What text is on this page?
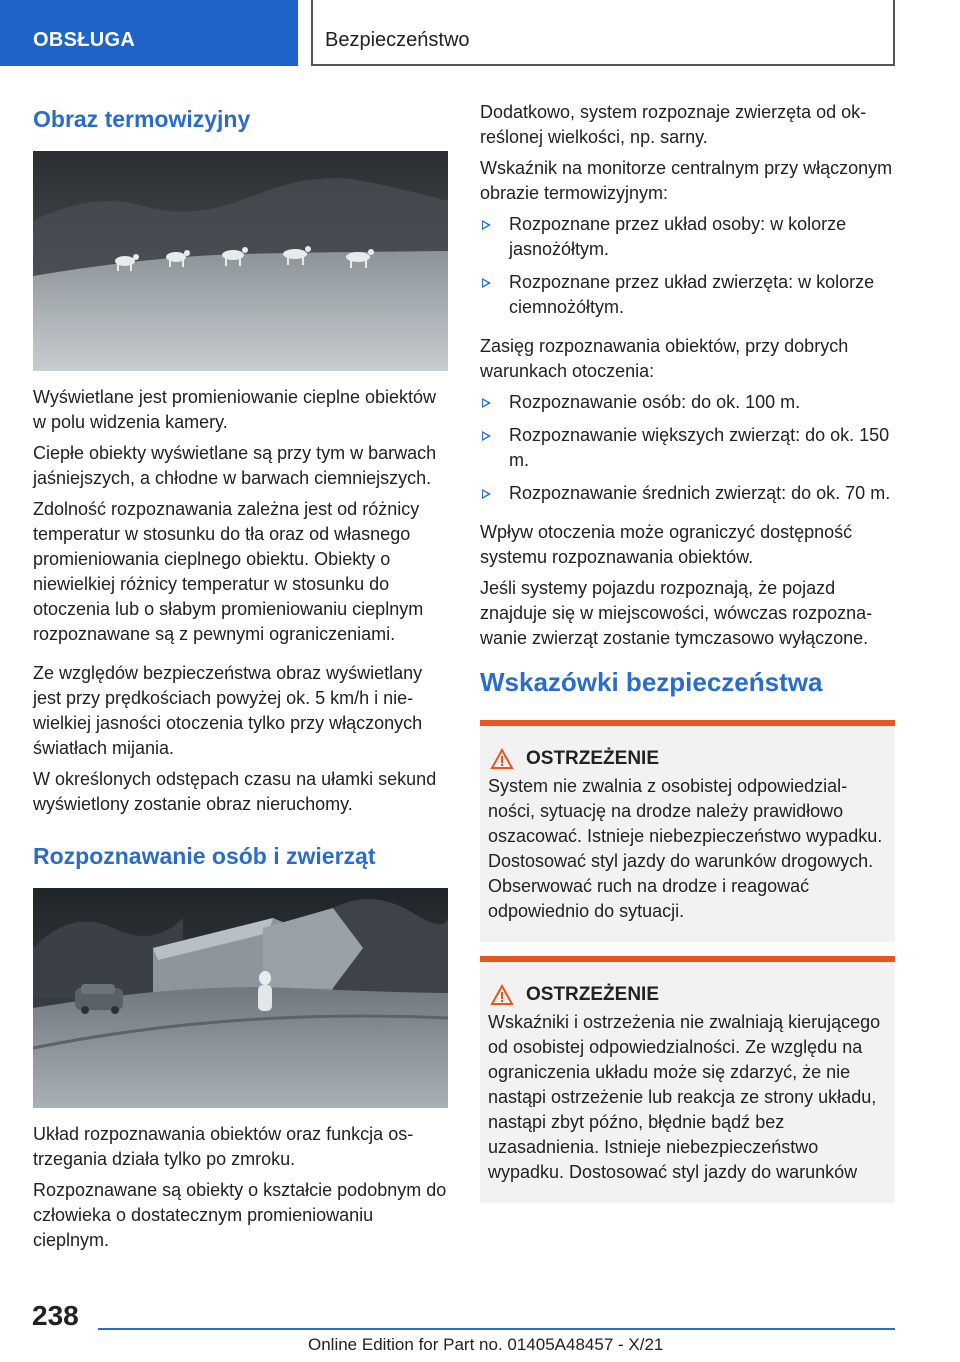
OBSŁUGA	Bezpieczeństwo
Obraz termowizyjny
Wyświetlane jest promieniowanie cieplne obiektów w polu widzenia kamery.
Ciepłe obiekty wyświetlane są przy tym w barwach jaśniejszych, a chłodne w barwach ciemniejszych.
Zdolność rozpoznawania zależna jest od różnicy temperatur w stosunku do tła oraz od własnego promieniowania cieplnego obiektu. Obiekty o niewielkiej różnicy temperatur w stosunku do otoczenia lub o słabym promieniowaniu cieplnym rozpoznawane są z pewnymi ograniczeniami.
Ze względów bezpieczeństwa obraz wyświetlany jest przy prędkościach powyżej ok. 5 km/h i niewielkiej jasności otoczenia tylko przy włączonych światłach mijania.
W określonych odstępach czasu na ułamki sekund wyświetlony zostanie obraz nieruchomy.
Rozpoznawanie osób i zwierząt
Układ rozpoznawania obiektów oraz funkcja ostrzegania działa tylko po zmroku.
Rozpoznawane są obiekty o kształcie podobnym do człowieka o dostatecznym promieniowaniu cieplnym.
Dodatkowo, system rozpoznaje zwierzęta od określonej wielkości, np. sarny.
Wskaźnik na monitorze centralnym przy włączonym obrazie termowizyjnym:
Rozpoznane przez układ osoby: w kolorze jasnożółtym.
Rozpoznane przez układ zwierzęta: w kolorze ciemnożółtym.
Zasięg rozpoznawania obiektów, przy dobrych warunkach otoczenia:
Rozpoznawanie osób: do ok. 100 m.
Rozpoznawanie większych zwierząt: do ok. 150 m.
Rozpoznawanie średnich zwierząt: do ok. 70 m.
Wpływ otoczenia może ograniczyć dostępność systemu rozpoznawania obiektów.
Jeśli systemy pojazdu rozpoznają, że pojazd znajduje się w miejscowości, wówczas rozpoznawanie zwierząt zostanie tymczasowo wyłączone.
Wskazówki bezpieczeństwa
OSTRZEŻENIE
System nie zwalnia z osobistej odpowiedzialności, sytuację na drodze należy prawidłowo oszacować. Istnieje niebezpieczeństwo wypadku. Dostosować styl jazdy do warunków drogowych. Obserwować ruch na drodze i reagować odpowiednio do sytuacji.
OSTRZEŻENIE
Wskaźniki i ostrzeżenia nie zwalniają kierującego od osobistej odpowiedzialności. Ze względu na ograniczenia układu może się zdarzyć, że nie nastąpi ostrzeżenie lub reakcja ze strony układu, nastąpi zbyt późno, błędnie bądź bez uzasadnienia. Istnieje niebezpieczeństwo wypadku. Dostosować styl jazdy do warunków
238
Online Edition for Part no. 01405A48457 - X/21
